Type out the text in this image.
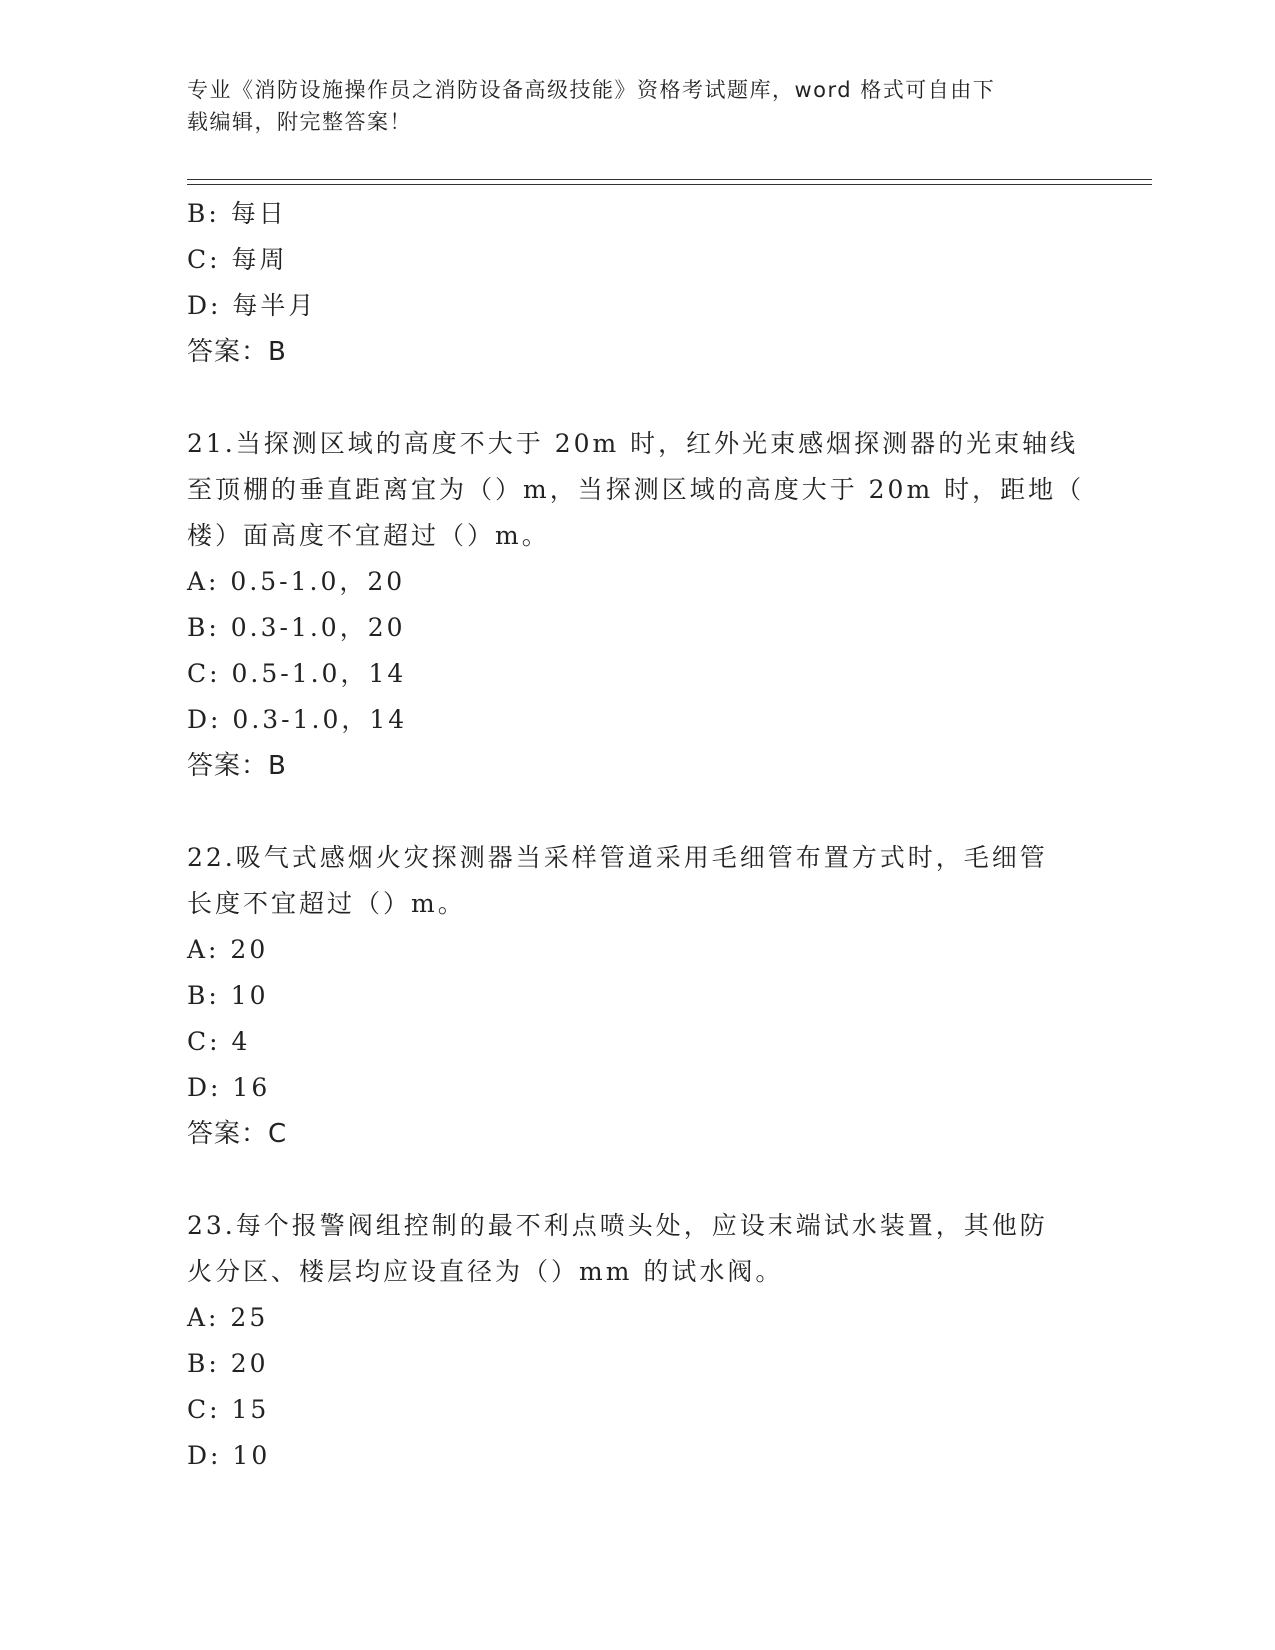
专业《消防设施操作员之消防设备高级技能》资格考试题库，word 格式可自由下
载编辑，附完整答案！
B: 每日
C: 每周
D: 每半月
答案：B
21.当探测区域的高度不大于 20m 时，红外光束感烟探测器的光束轴线
至顶棚的垂直距离宜为（）m，当探测区域的高度大于 20m 时，距地（
楼）面高度不宜超过（）m。
A: 0.5-1.0，20
B: 0.3-1.0，20
C: 0.5-1.0，14
D: 0.3-1.0，14
答案：B
22.吸气式感烟火灾探测器当采样管道采用毛细管布置方式时，毛细管
长度不宜超过（）m。
A: 20
B: 10
C: 4
D: 16
答案：C
23.每个报警阀组控制的最不利点喷头处，应设末端试水装置，其他防
火分区、楼层均应设直径为（）mm 的试水阀。
A: 25
B: 20
C: 15
D: 10
